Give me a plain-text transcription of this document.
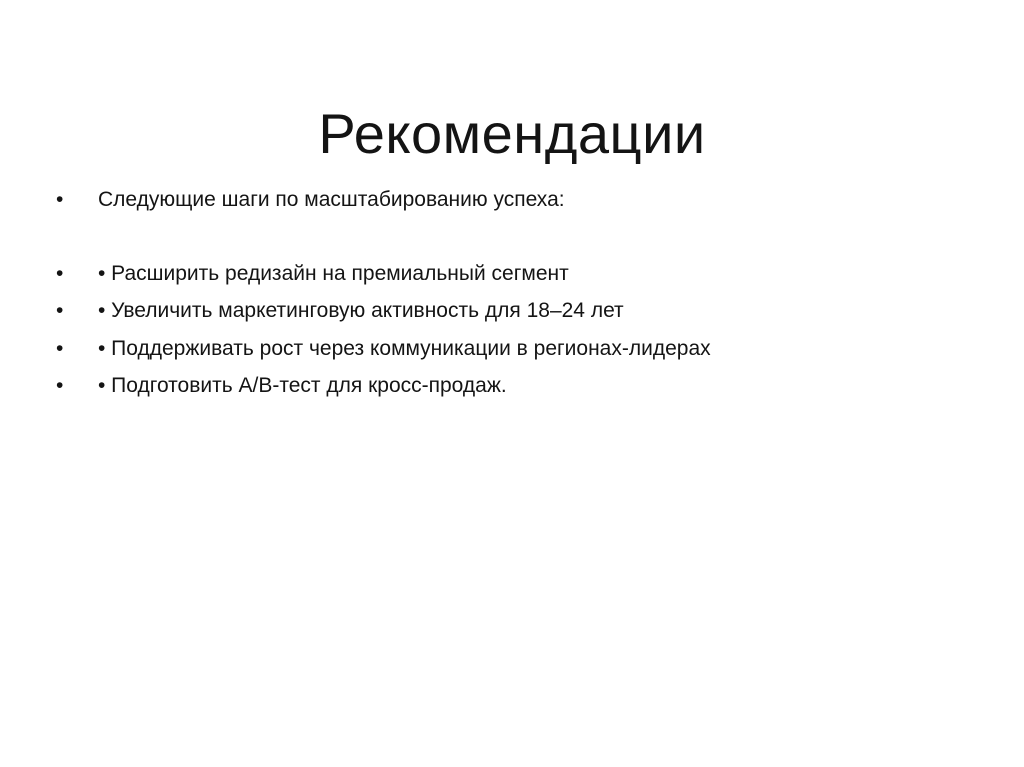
Рекомендации
•	Следующие шаги по масштабированию успеха:
•	• Расширить редизайн на премиальный сегмент
•	• Увеличить маркетинговую активность для 18–24 лет
•	• Поддерживать рост через коммуникации в регионах-лидерах
•	• Подготовить A/B-тест для кросс-продаж.
